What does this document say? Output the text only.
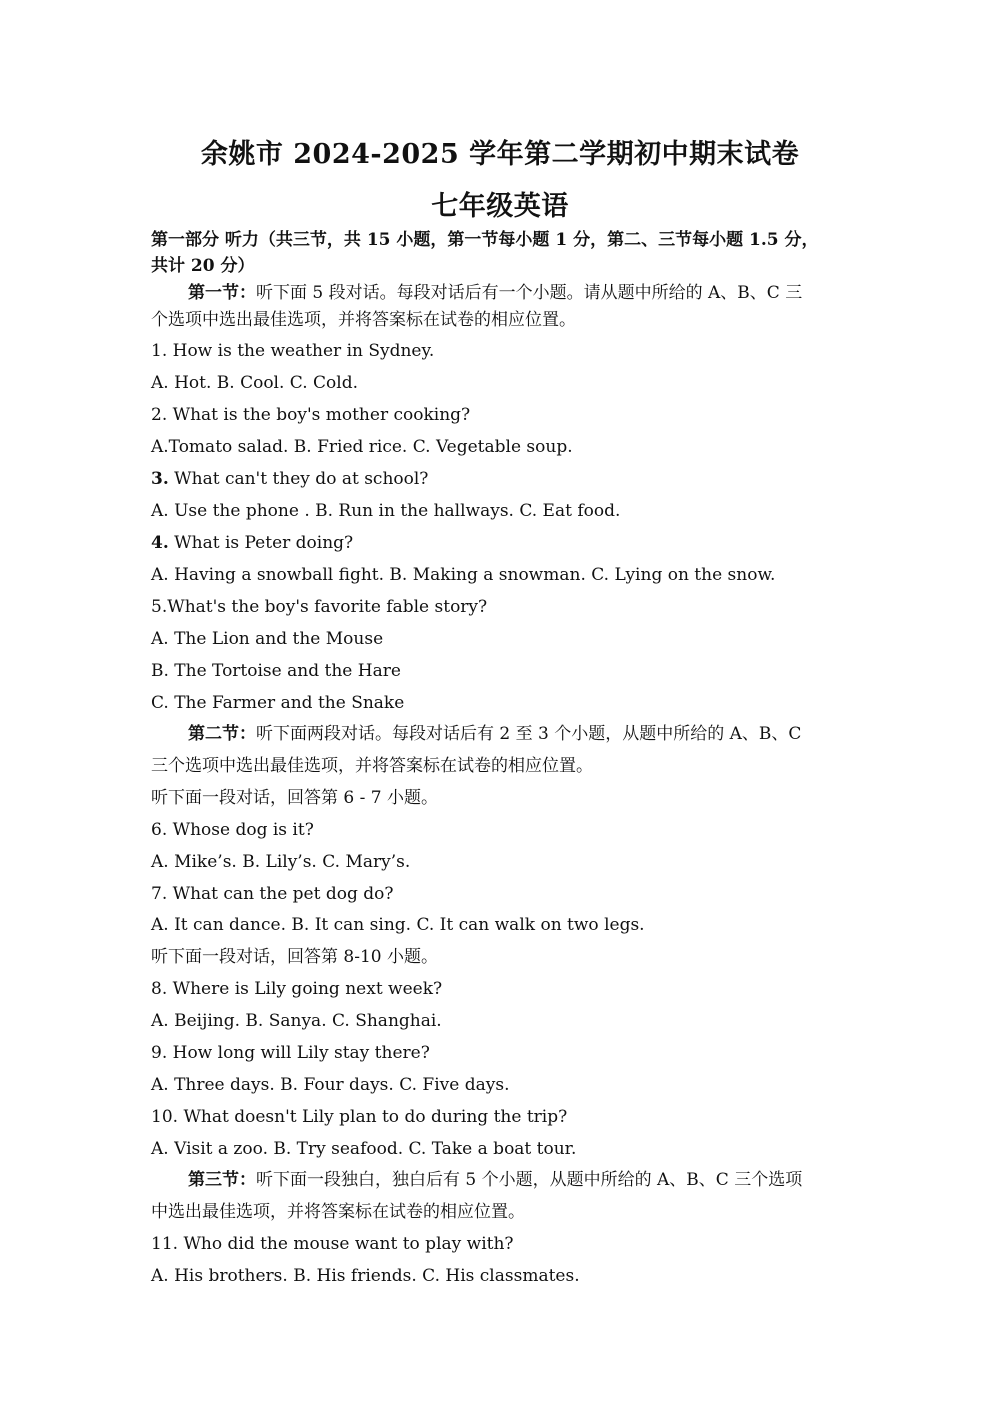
余姚市 2024-2025 学年第二学期初中期末试卷
七年级英语
第一部分 听力（共三节，共 15 小题，第一节每小题 1 分，第二、三节每小题 1.5 分，
共计 20 分）
第一节：听下面 5 段对话。每段对话后有一个小题。请从题中所给的 A、B、C 三
个选项中选出最佳选项，并将答案标在试卷的相应位置。
1. How is the weather in Sydney.
A. Hot. B. Cool. C. Cold.
2. What is the boy's mother cooking?
A.Tomato salad. B. Fried rice. C. Vegetable soup.
3. What can't they do at school?
A. Use the phone . B. Run in the hallways. C. Eat food.
4. What is Peter doing?
A. Having a snowball fight. B. Making a snowman. C. Lying on the snow.
5.What's the boy's favorite fable story?
A. The Lion and the Mouse
B. The Tortoise and the Hare
C. The Farmer and the Snake
第二节：听下面两段对话。每段对话后有 2 至 3 个小题，从题中所给的 A、B、C
三个选项中选出最佳选项，并将答案标在试卷的相应位置。
听下面一段对话，回答第 6 - 7 小题。
6. Whose dog is it?
A. Mike’s. B. Lily’s. C. Mary’s.
7. What can the pet dog do?
A. It can dance. B. It can sing. C. It can walk on two legs.
听下面一段对话，回答第 8-10 小题。
8. Where is Lily going next week?
A. Beijing. B. Sanya. C. Shanghai.
9. How long will Lily stay there?
A. Three days. B. Four days. C. Five days.
10. What doesn't Lily plan to do during the trip?
A. Visit a zoo. B. Try seafood. C. Take a boat tour.
第三节：听下面一段独白，独白后有 5 个小题，从题中所给的 A、B、C 三个选项
中选出最佳选项，并将答案标在试卷的相应位置。
11. Who did the mouse want to play with?
A. His brothers. B. His friends. C. His classmates.
